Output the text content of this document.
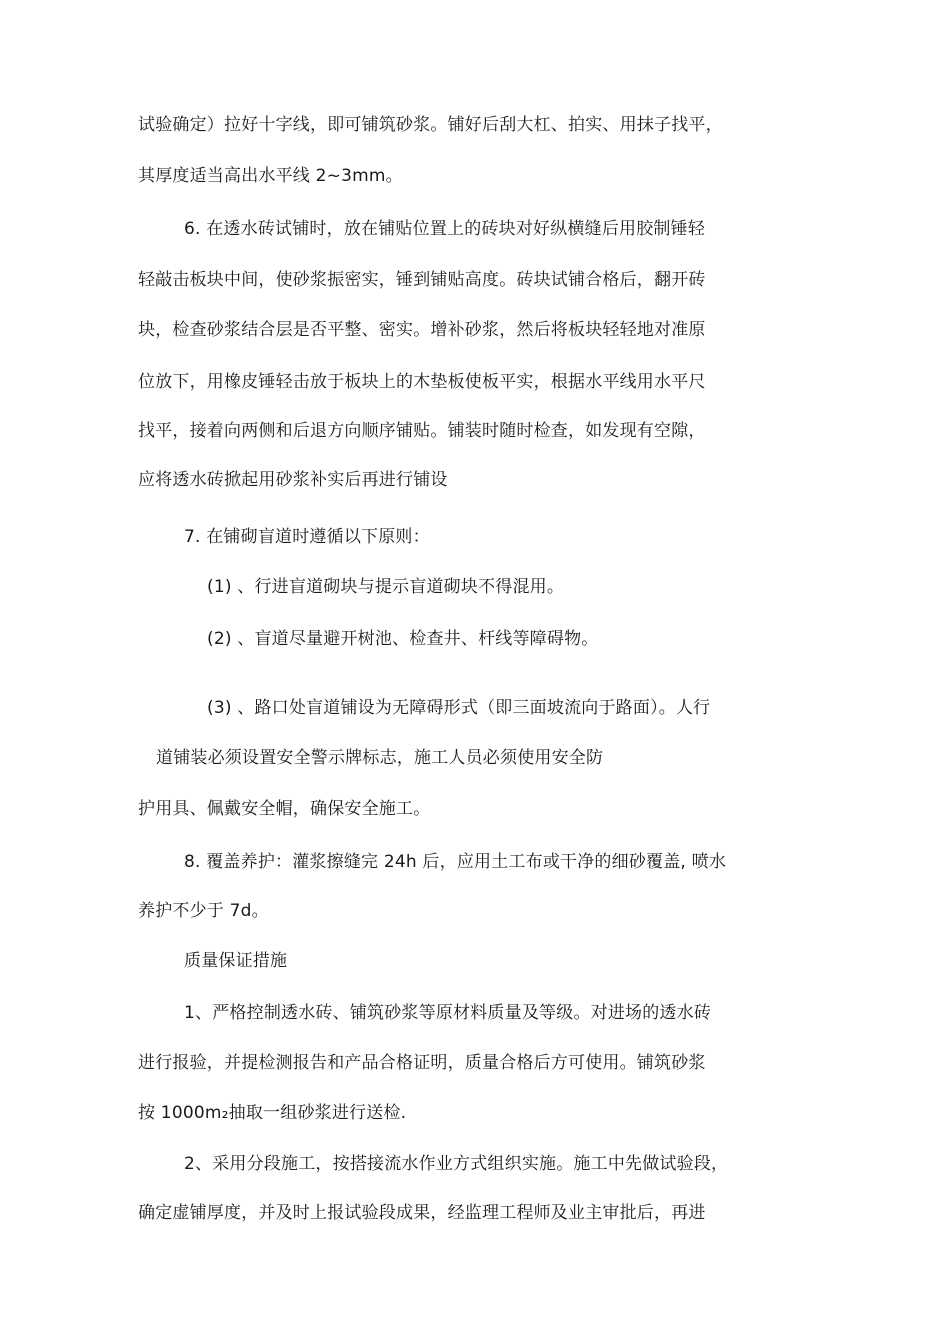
试验确定）拉好十字线，即可铺筑砂浆。铺好后刮大杠、拍实、用抹子找平，
其厚度适当高出水平线 2~3mm。
6. 在透水砖试铺时，放在铺贴位置上的砖块对好纵横缝后用胶制锤轻
轻敲击板块中间，使砂浆振密实，锤到铺贴高度。砖块试铺合格后，翻开砖
块，检查砂浆结合层是否平整、密实。增补砂浆，然后将板块轻轻地对准原
位放下，用橡皮锤轻击放于板块上的木垫板使板平实，根据水平线用水平尺
找平，接着向两侧和后退方向顺序铺贴。铺装时随时检查，如发现有空隙，
应将透水砖掀起用砂浆补实后再进行铺设
7. 在铺砌盲道时遵循以下原则：
(1) 、行进盲道砌块与提示盲道砌块不得混用。
(2) 、盲道尽量避开树池、检查井、杆线等障碍物。
(3) 、路口处盲道铺设为无障碍形式（即三面坡流向于路面）。人行
道铺装必须设置安全警示牌标志，施工人员必须使用安全防
护用具、佩戴安全帽，确保安全施工。
8. 覆盖养护：灌浆擦缝完 24h 后，应用土工布或干净的细砂覆盖, 喷水
养护不少于 7d。
质量保证措施
1、严格控制透水砖、铺筑砂浆等原材料质量及等级。对进场的透水砖
进行报验，并提检测报告和产品合格证明，质量合格后方可使用。铺筑砂浆
按 1000m₂抽取一组砂浆进行送检.
2、采用分段施工，按搭接流水作业方式组织实施。施工中先做试验段，
确定虚铺厚度，并及时上报试验段成果，经监理工程师及业主审批后，再进
